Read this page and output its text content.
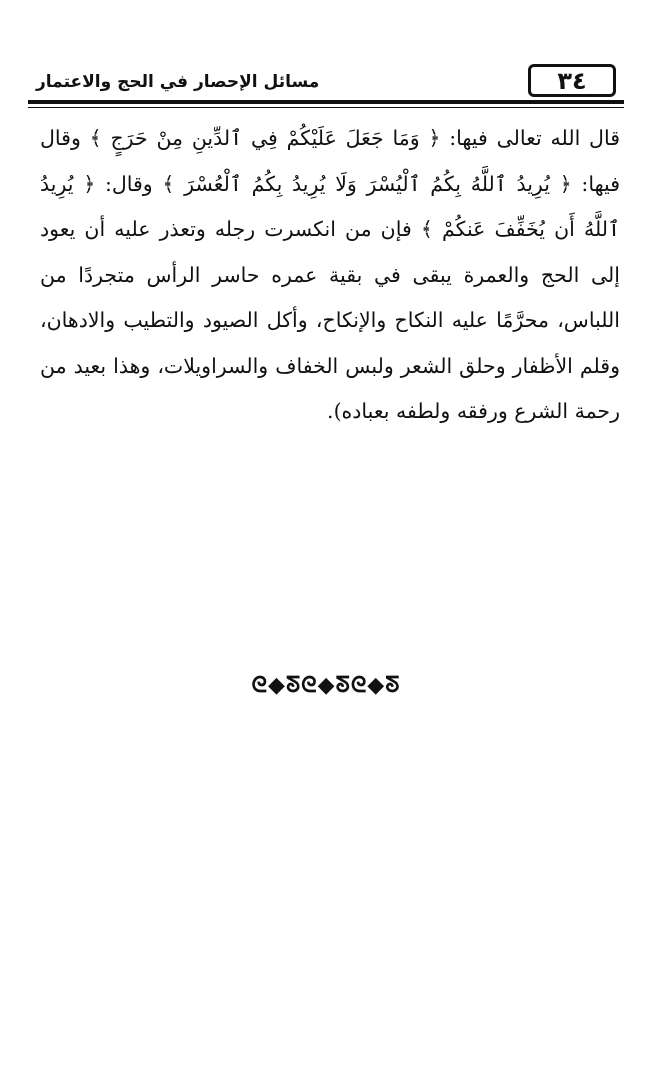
٣٤
مسائل الإحصار في الحج والاعتمار

قال الله تعالى فيها: ﴿ وَمَا جَعَلَ عَلَيْكُمْ فِي ٱلدِّينِ مِنْ حَرَجٍ ﴾ وقال فيها: ﴿ يُرِيدُ ٱللَّهُ بِكُمُ ٱلْيُسْرَ وَلَا يُرِيدُ بِكُمُ ٱلْعُسْرَ ﴾ وقال: ﴿ يُرِيدُ ٱللَّهُ أَن يُخَفِّفَ عَنكُمْ ﴾ فإن من انكسرت رجله وتعذر عليه أن يعود إلى الحج والعمرة يبقى في بقية عمره حاسر الرأس متجردًا من اللباس، محرَّمًا عليه النكاح والإنكاح، وأكل الصيود والتطيب والادهان، وقلم الأظفار وحلق الشعر ولبس الخفاف والسراويلات، وهذا بعيد من رحمة الشرع ورفقه ولطفه بعباده).

ᘓ◆ᘕᘓ◆ᘕᘓ◆ᘕ
